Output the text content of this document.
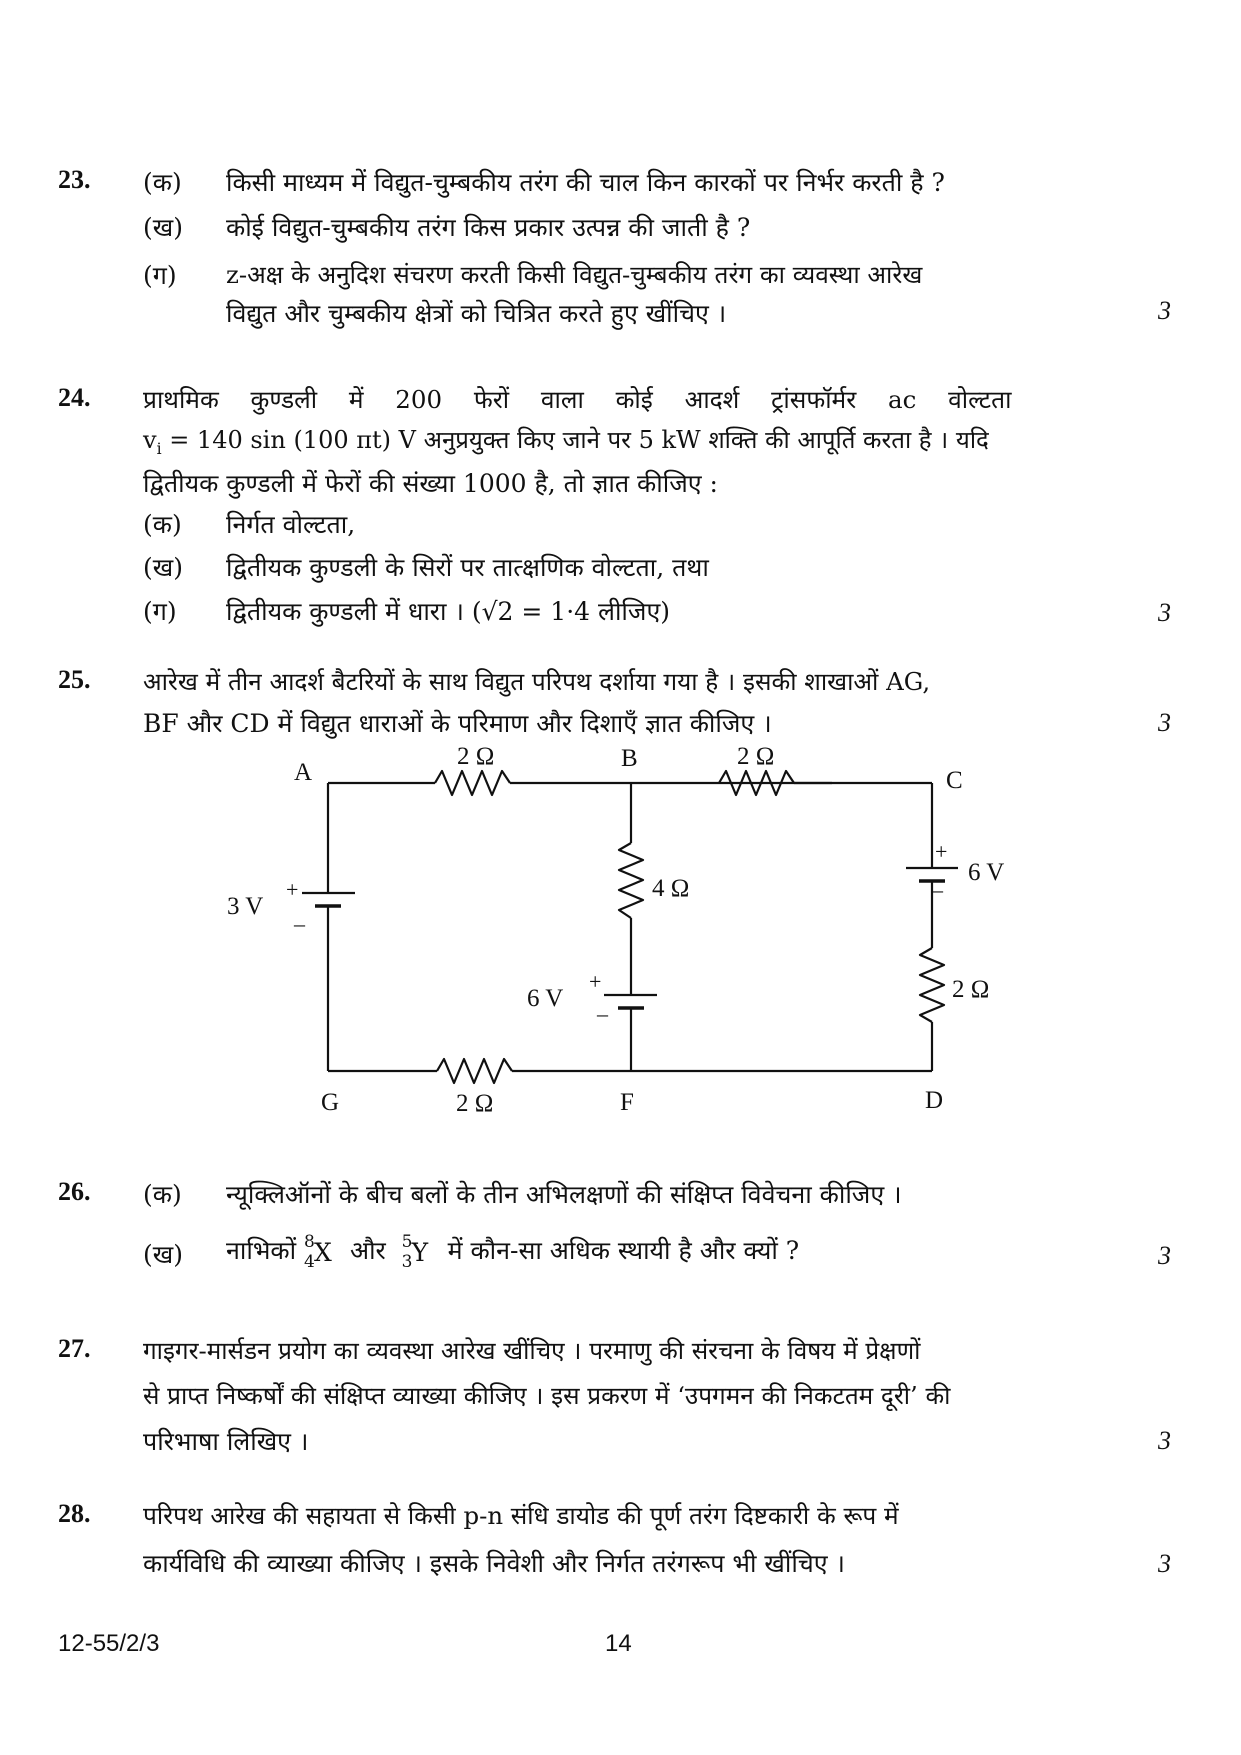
23. (क) किसी माध्यम में विद्युत-चुम्बकीय तरंग की चाल किन कारकों पर निर्भर करती है ?
(ख) कोई विद्युत-चुम्बकीय तरंग किस प्रकार उत्पन्न की जाती है ?
(ग) z-अक्ष के अनुदिश संचरण करती किसी विद्युत-चुम्बकीय तरंग का व्यवस्था आरेख
विद्युत और चुम्बकीय क्षेत्रों को चित्रित करते हुए खींचिए ।	3
24. प्राथमिक कुण्डली में 200 फेरों वाला कोई आदर्श ट्रांसफॉर्मर ac वोल्टता
$v_i = 140$ sin (100 πt) V अनुप्रयुक्त किए जाने पर 5 kW शक्ति की आपूर्ति करता है । यदि
द्वितीयक कुण्डली में फेरों की संख्या 1000 है, तो ज्ञात कीजिए :
(क) निर्गत वोल्टता,
(ख) द्वितीयक कुण्डली के सिरों पर तात्क्षणिक वोल्टता, तथा
(ग) द्वितीयक कुण्डली में धारा । (√2 = 1·4 लीजिए)	3
25. आरेख में तीन आदर्श बैटरियों के साथ विद्युत परिपथ दर्शाया गया है । इसकी शाखाओं AG,
BF और CD में विद्युत धाराओं के परिमाण और दिशाएँ ज्ञात कीजिए ।	3
A
B
C
G	F	D
2 Ω	2 Ω
4 Ω
2 Ω
2 Ω
3 V
6 V
6 V
+
–
+
–
+
–
26. (क) न्यूक्लिऑनों के बीच बलों के तीन अभिलक्षणों की संक्षिप्त विवेचना कीजिए ।
(ख) नाभिकों 8
4 X और 5
3 Y में कौन-सा अधिक स्थायी है और क्यों ?	3
27. गाइगर-मार्सडन प्रयोग का व्यवस्था आरेख खींचिए । परमाणु की संरचना के विषय में प्रेक्षणों
से प्राप्त निष्कर्षों की संक्षिप्त व्याख्या कीजिए । इस प्रकरण में ‘उपगमन की निकटतम दूरी’ की
परिभाषा लिखिए ।	3
28. परिपथ आरेख की सहायता से किसी p-n संधि डायोड की पूर्ण तरंग दिष्टकारी के रूप में
कार्यविधि की व्याख्या कीजिए । इसके निवेशी और निर्गत तरंगरूप भी खींचिए ।	3
12-55/2/3	14
